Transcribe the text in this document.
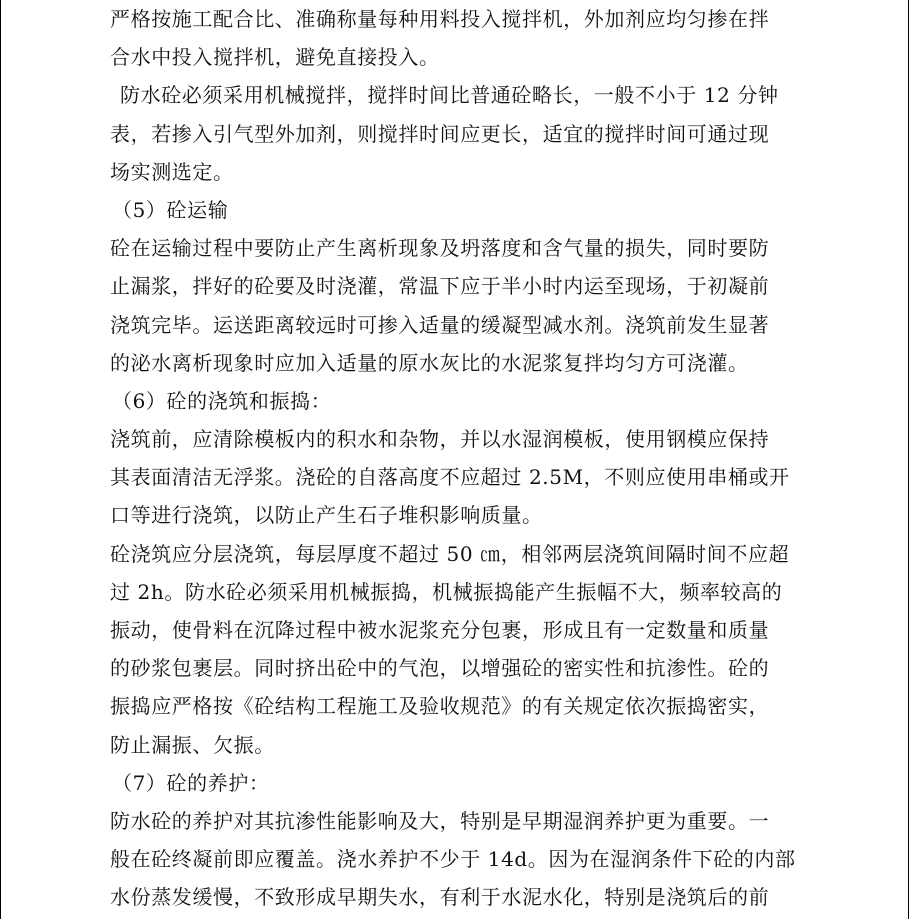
严格按施工配合比、准确称量每种用料投入搅拌机，外加剂应均匀掺在拌
合水中投入搅拌机，避免直接投入。
防水砼必须采用机械搅拌，搅拌时间比普通砼略长，一般不小于 12 分钟
表，若掺入引气型外加剂，则搅拌时间应更长，适宜的搅拌时间可通过现
场实测选定。
（5）砼运输
砼在运输过程中要防止产生离析现象及坍落度和含气量的损失，同时要防
止漏浆，拌好的砼要及时浇灌，常温下应于半小时内运至现场，于初凝前
浇筑完毕。运送距离较远时可掺入适量的缓凝型减水剂。浇筑前发生显著
的泌水离析现象时应加入适量的原水灰比的水泥浆复拌均匀方可浇灌。
（6）砼的浇筑和振捣：
浇筑前，应清除模板内的积水和杂物，并以水湿润模板，使用钢模应保持
其表面清洁无浮浆。浇砼的自落高度不应超过 2.5M，不则应使用串桶或开
口等进行浇筑，以防止产生石子堆积影响质量。
砼浇筑应分层浇筑，每层厚度不超过 50 ㎝，相邻两层浇筑间隔时间不应超
过 2h。防水砼必须采用机械振捣，机械振捣能产生振幅不大，频率较高的
振动，使骨料在沉降过程中被水泥浆充分包裹，形成且有一定数量和质量
的砂浆包裹层。同时挤出砼中的气泡，以增强砼的密实性和抗渗性。砼的
振捣应严格按《砼结构工程施工及验收规范》的有关规定依次振捣密实，
防止漏振、欠振。
（7）砼的养护：
防水砼的养护对其抗渗性能影响及大，特别是早期湿润养护更为重要。一
般在砼终凝前即应覆盖。浇水养护不少于 14d。因为在湿润条件下砼的内部
水份蒸发缓慢，不致形成早期失水，有利于水泥水化，特别是浇筑后的前
